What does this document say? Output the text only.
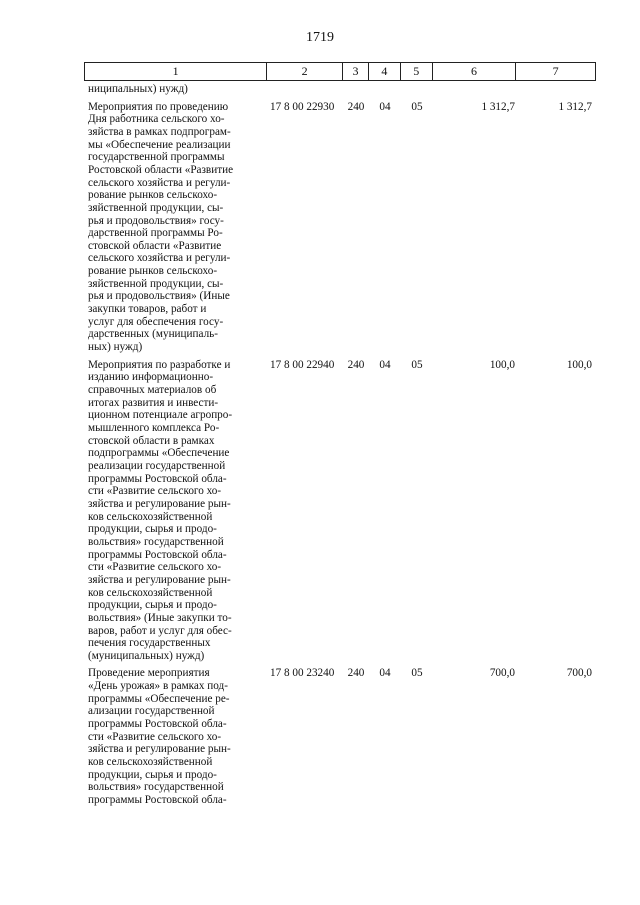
1719
1	2	3	4	5	6	7
ниципальных) нужд)
Мероприятия по проведению
Дня работника сельского хо-
зяйства в рамках подпрограм-
мы «Обеспечение реализации
государственной программы
Ростовской области «Развитие
сельского хозяйства и регули-
рование рынков сельскохо-
зяйственной продукции, сы-
рья и продовольствия» госу-
дарственной программы Ро-
стовской области «Развитие
сельского хозяйства и регули-
рование рынков сельскохо-
зяйственной продукции, сы-
рья и продовольствия» (Иные
закупки товаров, работ и
услуг для обеспечения госу-
дарственных (муниципаль-
ных) нужд)
17 8 00 22930	240	04	05	1 312,7	1 312,7
Мероприятия по разработке и
изданию информационно-
справочных материалов об
итогах развития и инвести-
ционном потенциале агропро-
мышленного комплекса Ро-
стовской области в рамках
подпрограммы «Обеспечение
реализации государственной
программы Ростовской обла-
сти «Развитие сельского хо-
зяйства и регулирование рын-
ков сельскохозяйственной
продукции, сырья и продо-
вольствия» государственной
программы Ростовской обла-
сти «Развитие сельского хо-
зяйства и регулирование рын-
ков сельскохозяйственной
продукции, сырья и продо-
вольствия» (Иные закупки то-
варов, работ и услуг для обес-
печения государственных
(муниципальных) нужд)
17 8 00 22940	240	04	05	100,0	100,0
Проведение мероприятия
«День урожая» в рамках под-
программы «Обеспечение ре-
ализации государственной
программы Ростовской обла-
сти «Развитие сельского хо-
зяйства и регулирование рын-
ков сельскохозяйственной
продукции, сырья и продо-
вольствия» государственной
программы Ростовской обла-
17 8 00 23240	240	04	05	700,0	700,0
